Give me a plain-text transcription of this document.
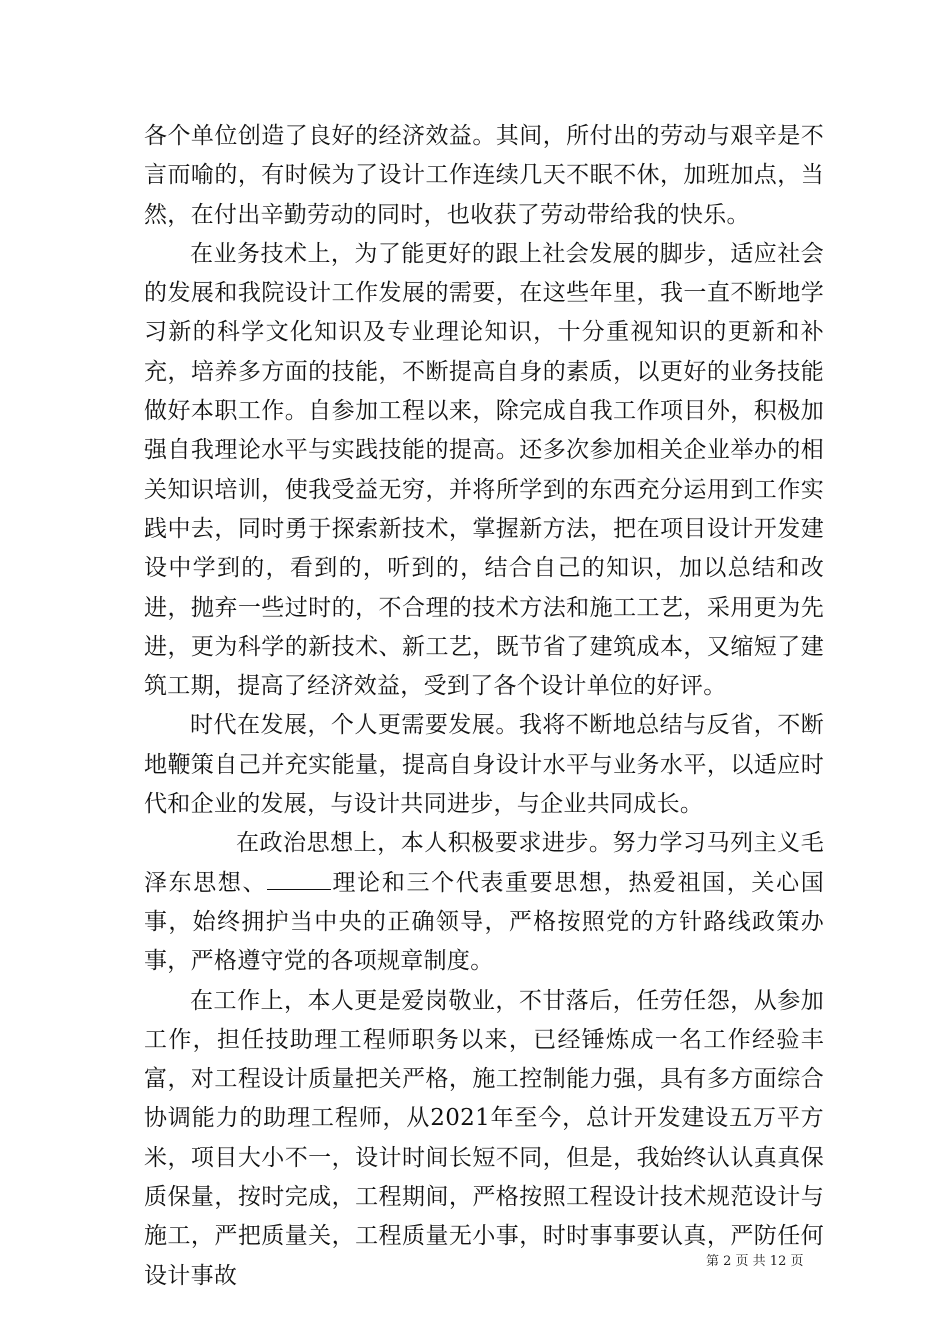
各个单位创造了良好的经济效益。其间，所付出的劳动与艰辛是不言而喻的，有时候为了设计工作连续几天不眠不休，加班加点，当然，在付出辛勤劳动的同时，也收获了劳动带给我的快乐。

在业务技术上，为了能更好的跟上社会发展的脚步，适应社会的发展和我院设计工作发展的需要，在这些年里，我一直不断地学习新的科学文化知识及专业理论知识，十分重视知识的更新和补充，培养多方面的技能，不断提高自身的素质，以更好的业务技能做好本职工作。自参加工程以来，除完成自我工作项目外，积极加强自我理论水平与实践技能的提高。还多次参加相关企业举办的相关知识培训，使我受益无穷，并将所学到的东西充分运用到工作实践中去，同时勇于探索新技术，掌握新方法，把在项目设计开发建设中学到的，看到的，听到的，结合自己的知识，加以总结和改进，抛弃一些过时的，不合理的技术方法和施工工艺，采用更为先进，更为科学的新技术、新工艺，既节省了建筑成本，又缩短了建筑工期，提高了经济效益，受到了各个设计单位的好评。

时代在发展，个人更需要发展。我将不断地总结与反省，不断地鞭策自己并充实能量，提高自身设计水平与业务水平，以适应时代和企业的发展，与设计共同进步，与企业共同成长。

在政治思想上，本人积极要求进步。努力学习马列主义毛泽东思想、	理论和三个代表重要思想，热爱祖国，关心国事，始终拥护当中央的正确领导，严格按照党的方针路线政策办事，严格遵守党的各项规章制度。

在工作上，本人更是爱岗敬业，不甘落后，任劳任怨，从参加工作，担任技助理工程师职务以来，已经锤炼成一名工作经验丰富，对工程设计质量把关严格，施工控制能力强，具有多方面综合协调能力的助理工程师，从2021年至今，总计开发建设五万平方米，项目大小不一，设计时间长短不同，但是，我始终认认真真保质保量，按时完成，工程期间，严格按照工程设计技术规范设计与施工，严把质量关，工程质量无小事，时时事事要认真，严防任何设计事故

第 2 页 共 12 页
